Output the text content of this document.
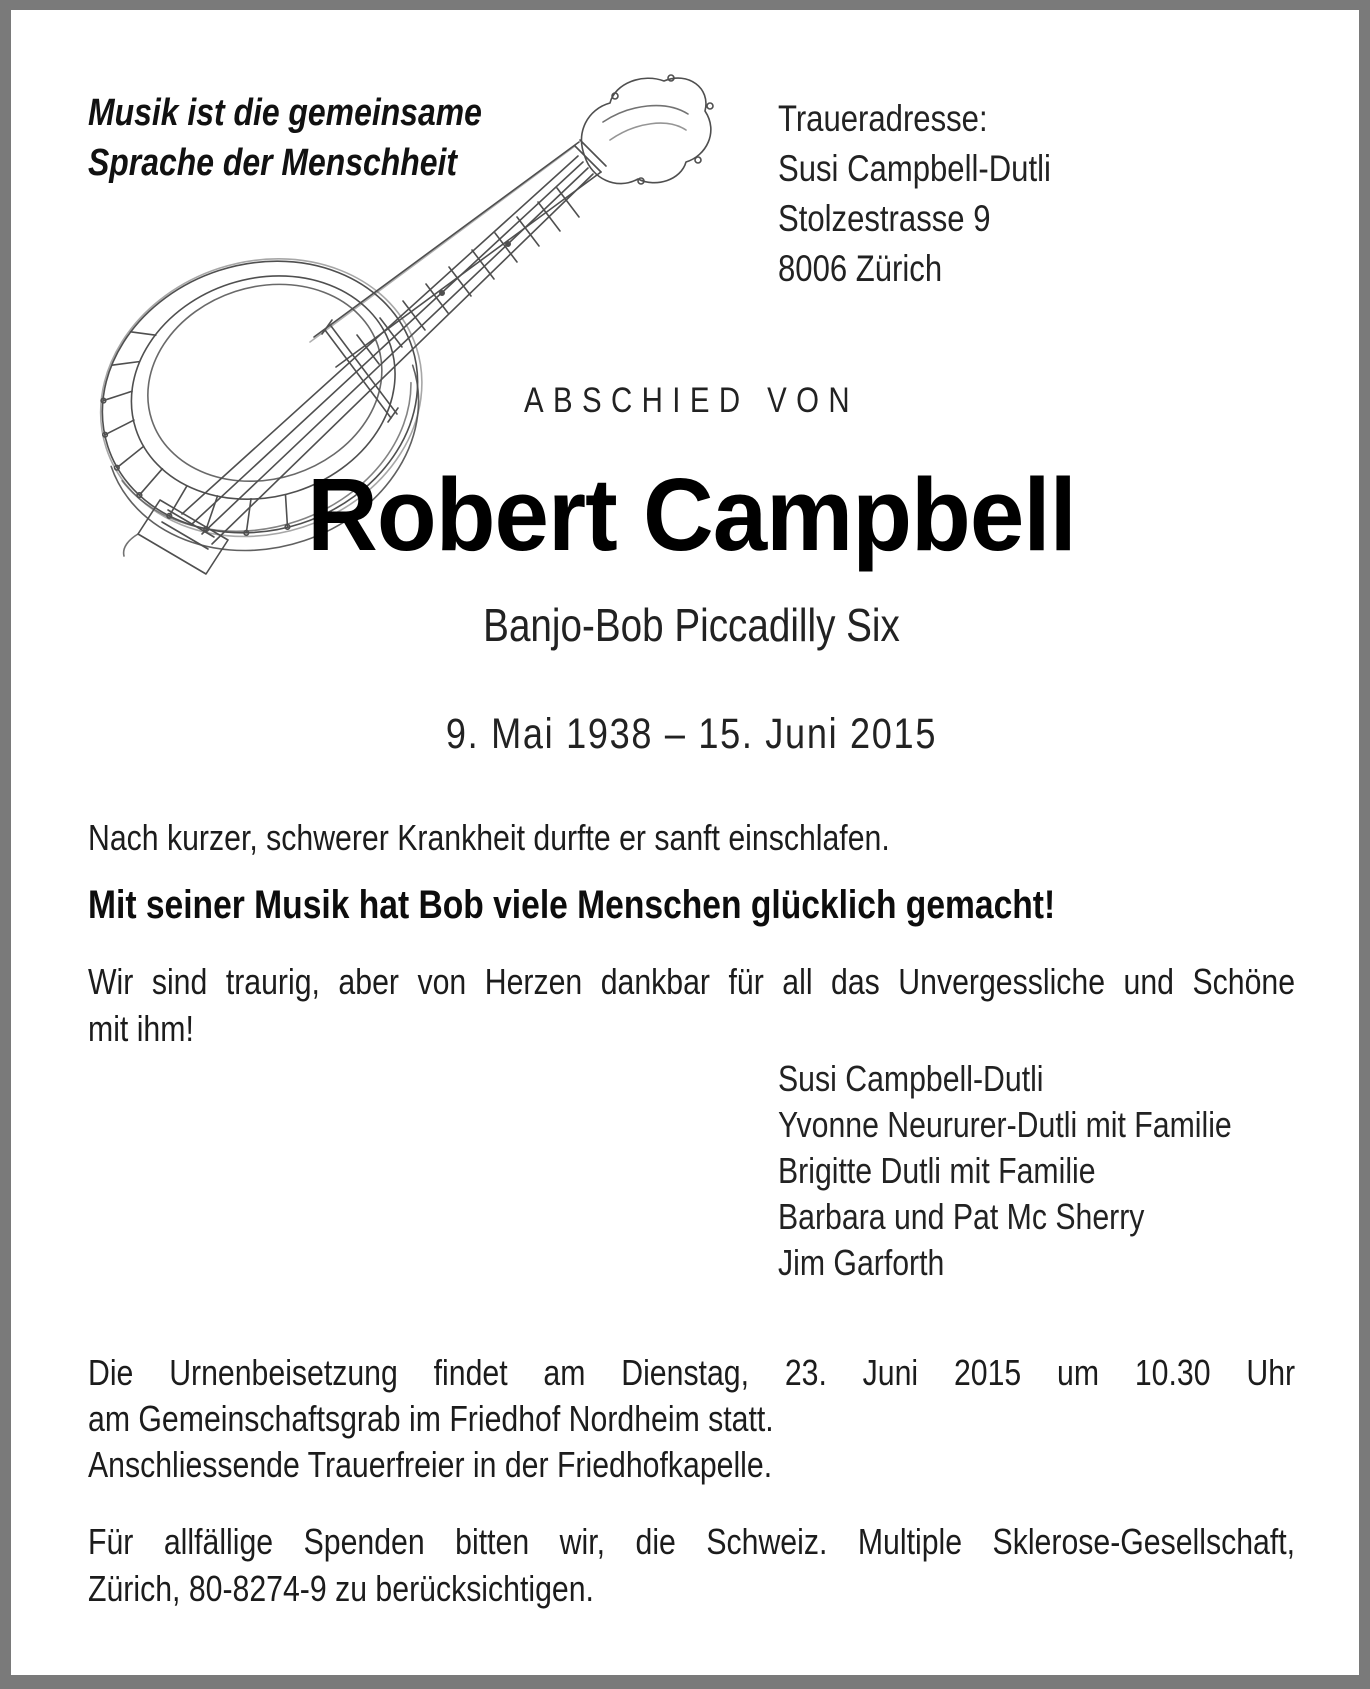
Musik ist die gemeinsame
Sprache der Menschheit
Traueradresse:
Susi Campbell-Dutli
Stolzestrasse 9
8006 Zürich
ABSCHIED VON
Robert Campbell
Banjo-Bob Piccadilly Six
9. Mai 1938 – 15. Juni 2015
Nach kurzer, schwerer Krankheit durfte er sanft einschlafen.
Mit seiner Musik hat Bob viele Menschen glücklich gemacht!
Wir sind traurig, aber von Herzen dankbar für all das Unvergessliche und Schöne
mit ihm!
Susi Campbell-Dutli
Yvonne Neururer-Dutli mit Familie
Brigitte Dutli mit Familie
Barbara und Pat Mc Sherry
Jim Garforth
Die Urnenbeisetzung findet am Dienstag, 23. Juni 2015 um 10.30 Uhr
am Gemeinschaftsgrab im Friedhof Nordheim statt.
Anschliessende Trauerfreier in der Friedhofkapelle.
Für allfällige Spenden bitten wir, die Schweiz. Multiple Sklerose-Gesellschaft,
Zürich, 80-8274-9 zu berücksichtigen.
